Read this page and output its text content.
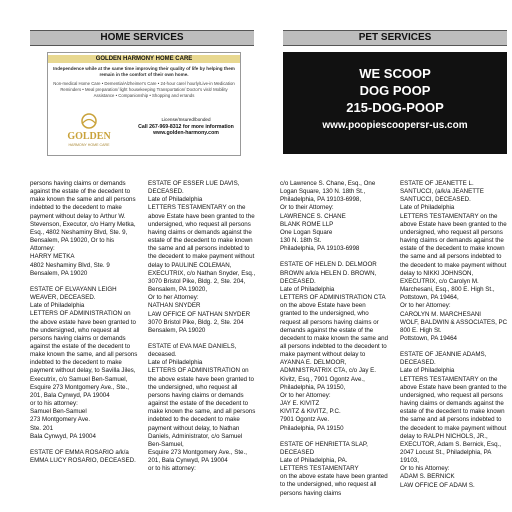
HOME SERVICES	PET SERVICES
GOLDEN HARMONY HOME CARE
Independence while at the same time improving their quality of life by helping them remain in the comfort of their own home.
Non-medical Home Care • Dementia/Alzheimer's Care • 24-hour care/ hourly/Live-in Medication Reminders • Meal preparation/ light housekeeping Transportation/ Doctor's visit/ Mobility Assistance • Companionship • Shopping and errands
GOLDEN
HARMONY HOME CARE
License/Insured/bonded
Call 267-969-8312 for more information
www.golden-harmony.com
WE SCOOP
DOG POOP
215-DOG-POOP
www.poopiescoopersr-us.com

persons having claims or demands against the estate of the decedent to make known the same and all persons indebted to the decedent to make payment without delay to Arthur W. Stevenson, Executor, c/o Harry Metka, Esq., 4802 Neshaminy Blvd, Ste. 9, Bensalem, PA 19020, Or to his Attorney:
HARRY METKA
4802 Neshaminy Blvd, Ste. 9
Bensalem, PA 19020

ESTATE OF ELVAYANN LEIGH WEAVER, DECEASED.
Late of Philadelphia
LETTERS OF ADMINISTRATION on
the above estate have been granted to the undersigned, who request all persons having claims or demands against the estate of the decedent to make known the same, and all persons indebted to the decedent to make payment without delay, to Savilla Jiles, Executrix, c/o Samuel Ben-Samuel,
Esquire 273 Montgomery Ave., Ste., 201, Bala Cynwyd, PA 19004
or to his attorney:
Samuel Ben-Samuel
273 Montgomery Ave.
Ste. 201
Bala Cynwyd, PA 19004

ESTATE OF EMMA ROSARIO a/k/a EMMA LUCY ROSARIO, DECEASED.

ESTATE OF ESSER LUE DAVIS, DECEASED.
Late of Philadelphia
LETTERS TESTAMENTARY on the above Estate have been granted to the undersigned, who request all persons having claims or demands against the estate of the decedent to make known the same and all persons indebted to the decedent to make payment without delay to PAULINE COLEMAN, EXECUTRIX, c/o Nathan Snyder, Esq., 3070 Bristol Pike, Bldg. 2, Ste. 204, Bensalem, PA 19020,
Or to her Attorney:
NATHAN SNYDER
LAW OFFICE OF NATHAN SNYDER
3070 Bristol Pike, Bldg. 2, Ste. 204
Bensalem, PA 19020

ESTATE of EVA MAE DANIELS, deceased.
Late of Philadelphia
LETTERS OF ADMINISTRATION on
the above estate have been granted to the undersigned, who request all persons having claims or demands against the estate of the decedent to make known the same, and all persons indebted to the decedent to make payment without delay, to Nathan Daniels, Administrator, c/o Samuel Ben-Samuel,
Esquire 273 Montgomery Ave., Ste., 201, Bala Cynwyd, PA 19004
or to his attorney:

c/o Lawrence S. Chane, Esq., One Logan Square, 130 N. 18th St., Philadelphia, PA 19103-6998,
Or to their Attorney:
LAWRENCE S. CHANE
BLANK ROME LLP
One Logan Square
130 N. 18th St.
Philadelphia, PA 19103-6998

ESTATE OF HELEN D. DELMOOR BROWN a/k/a HELEN D. BROWN, DECEASED.
Late of Philadelphia
LETTERS OF ADMINISTRATION CTA on the above Estate have been granted to the undersigned, who request all persons having claims or demands against the estate of the decedent to make known the same and all persons indebted to the decedent to make payment without delay to AYANNA E. DELMOOR, ADMINISTRATRIX CTA, c/o Jay E. Kivitz, Esq., 7901 Ogontz Ave., Philadelphia, PA 19150,
Or to her Attorney:
JAY E. KIVITZ
KIVITZ & KIVITZ, P.C.
7901 Ogontz Ave.
Philadelphia, PA 19150

ESTATE OF HENRIETTA SLAP, DECEASED
Late of Philadelphia, PA.
LETTERS TESTAMENTARY
on the above estate have been granted to the undersigned, who request all persons having claims

ESTATE OF JEANETTE L. SANTUCCI, (a/k/a JEANETTE SANTUCCI, DECEASED.
Late of Philadelphia
LETTERS TESTAMENTARY on the above Estate have been granted to the undersigned, who request all persons having claims or demands against the estate of the decedent to make known the same and all persons indebted to the decedent to make payment without delay to NIKKI JOHNSON, EXECUTRIX, c/o Carolyn M. Marchesani, Esq., 800 E. High St., Pottstown, PA 19464,
Or to her Attorney:
CAROLYN M. MARCHESANI
WOLF, BALDWIN & ASSOCIATES, PC
800 E. High St.
Pottstown, PA 19464

ESTATE OF JEANNIE ADAMS, DECEASED.
Late of Philadelphia
LETTERS TESTAMENTARY on the above Estate have been granted to the undersigned, who request all persons having claims or demands against the estate of the decedent to make known the same and all persons indebted to the decedent to make payment without delay to RALPH NICHOLS, JR., EXECUTOR, Adam S. Bernick, Esq., 2047 Locust St., Philadelphia, PA 19103,
Or to his Attorney:
ADAM S. BERNICK
LAW OFFICE OF ADAM S.
